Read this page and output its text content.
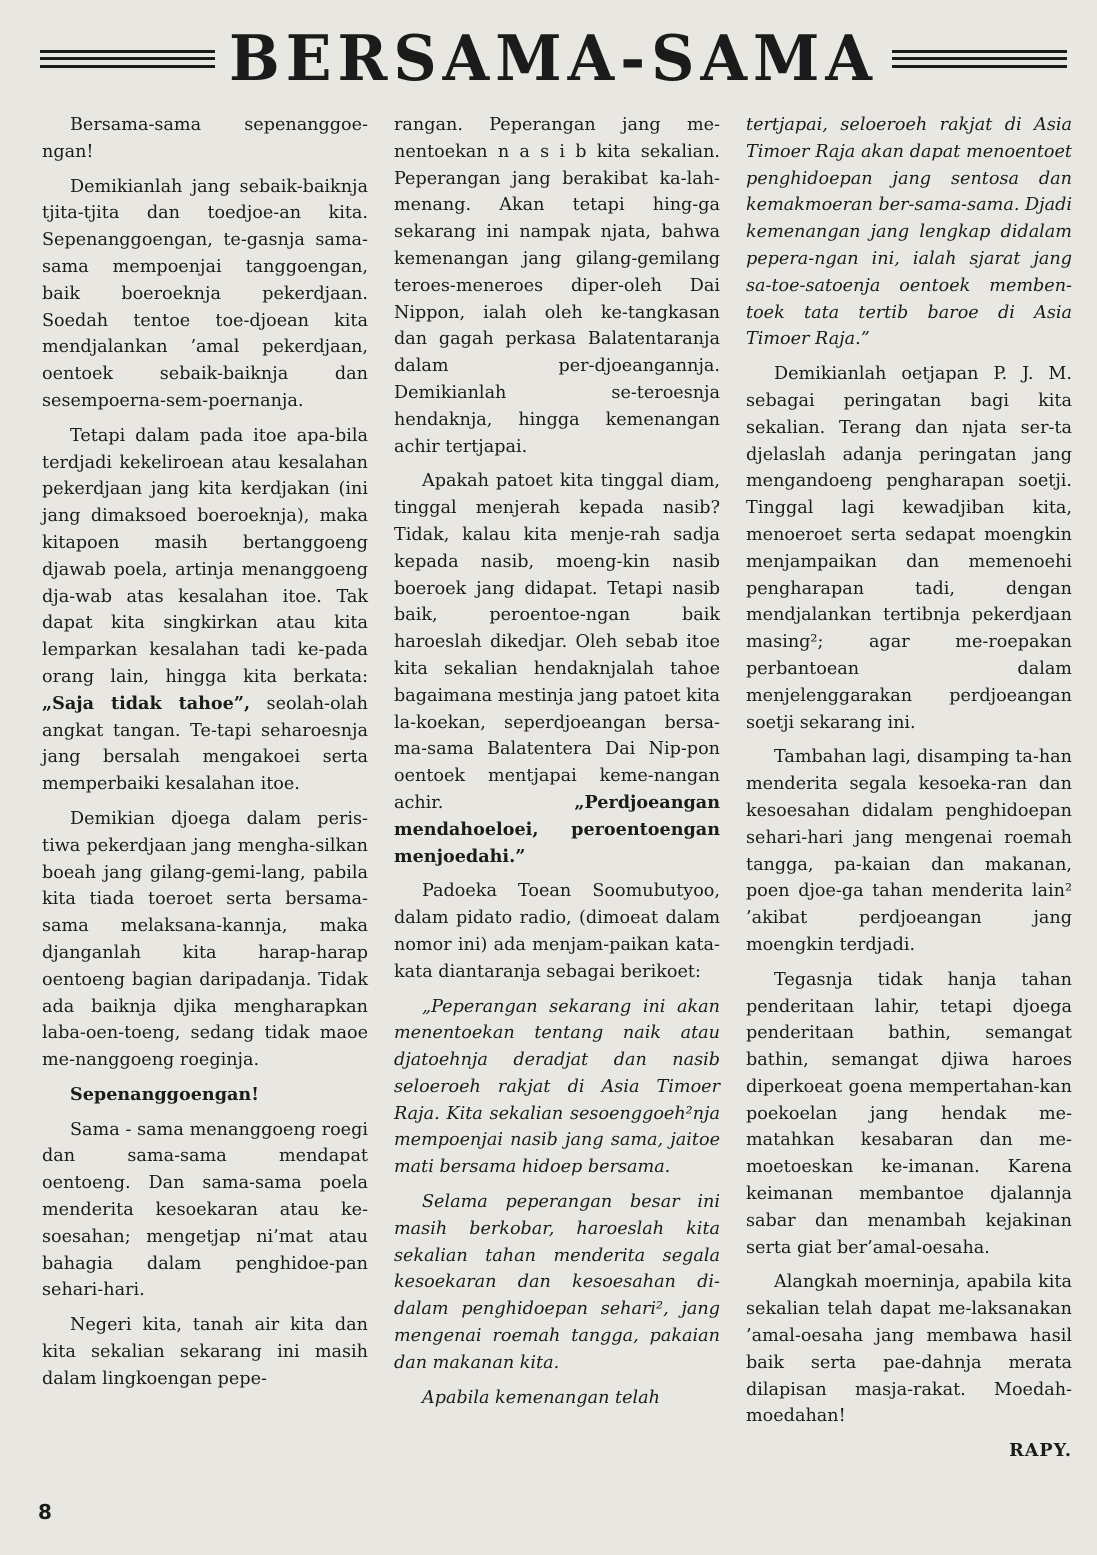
BERSAMA-SAMA

Bersama-sama sepenanggoe-ngan!

Demikianlah jang sebaik-baiknja tjita-tjita dan toedjoe-an kita. Sepenanggoengan, te-gasnja sama-sama mempoenjai tanggoengan, baik boeroeknja pekerdjaan. Soedah tentoe toe-djoean kita mendjalankan ’amal pekerdjaan, oentoek sebaik-baiknja dan sesempoerna-sem-poernanja.

Tetapi dalam pada itoe apa-bila terdjadi kekeliroean atau kesalahan pekerdjaan jang kita kerdjakan (ini jang dimaksoed boeroeknja), maka kitapoen masih bertanggoeng djawab poela, artinja menanggoeng dja-wab atas kesalahan itoe. Tak dapat kita singkirkan atau kita lemparkan kesalahan tadi ke-pada orang lain, hingga kita berkata: „Saja tidak tahoe”, seolah-olah angkat tangan. Te-tapi seharoesnja jang bersalah mengakoei serta memperbaiki kesalahan itoe.

Demikian djoega dalam peris-tiwa pekerdjaan jang mengha-silkan boeah jang gilang-gemi-lang, pabila kita tiada toeroet serta bersama-sama melaksana-kannja, maka djanganlah kita harap-harap oentoeng bagian daripadanja. Tidak ada baiknja djika mengharapkan laba-oen-toeng, sedang tidak maoe me-nanggoeng roeginja.

Sepenanggoengan!

Sama - sama menanggoeng roegi dan sama-sama mendapat oentoeng. Dan sama-sama poela menderita kesoekaran atau ke-soesahan; mengetjap ni’mat atau bahagia dalam penghidoe-pan sehari-hari.

Negeri kita, tanah air kita dan kita sekalian sekarang ini masih dalam lingkoengan pepe-

rangan. Peperangan jang me-nentoekan n a s i b kita sekalian. Peperangan jang berakibat ka-lah-menang. Akan tetapi hing-ga sekarang ini nampak njata, bahwa kemenangan jang gilang-gemilang teroes-meneroes diper-oleh Dai Nippon, ialah oleh ke-tangkasan dan gagah perkasa Balatentaranja dalam per-djoeangannja. Demikianlah se-teroesnja hendaknja, hingga kemenangan achir tertjapai.

Apakah patoet kita tinggal diam, tinggal menjerah kepada nasib? Tidak, kalau kita menje-rah sadja kepada nasib, moeng-kin nasib boeroek jang didapat. Tetapi nasib baik, peroentoe-ngan baik haroeslah dikedjar. Oleh sebab itoe kita sekalian hendaknjalah tahoe bagaimana mestinja jang patoet kita la-koekan, seperdjoeangan bersa-ma-sama Balatentera Dai Nip-pon oentoek mentjapai keme-nangan achir.	„Perdjoeangan mendahoeloei, peroentoengan menjoedahi.”

Padoeka Toean Soomubutyoo, dalam pidato radio, (dimoeat dalam nomor ini) ada menjam-paikan kata-kata diantaranja sebagai berikoet:

„Peperangan sekarang ini akan menentoekan tentang naik atau djatoehnja deradjat dan nasib seloeroeh rakjat di Asia Timoer Raja. Kita sekalian sesoenggoeh²nja mempoenjai nasib jang sama, jaitoe mati bersama hidoep bersama.

Selama peperangan besar ini masih berkobar, haroeslah kita sekalian tahan menderita segala kesoekaran dan kesoesahan di-dalam penghidoepan sehari², jang mengenai roemah tangga, pakaian dan makanan kita.

Apabila kemenangan telah

tertjapai, seloeroeh rakjat di Asia Timoer Raja akan dapat menoentoet penghidoepan jang sentosa dan kemakmoeran ber-sama-sama. Djadi kemenangan jang lengkap didalam pepera-ngan ini, ialah sjarat jang sa-toe-satoenja oentoek memben-toek tata tertib baroe di Asia Timoer Raja.”

Demikianlah oetjapan P. J. M. sebagai peringatan bagi kita sekalian. Terang dan njata ser-ta djelaslah adanja peringatan jang mengandoeng pengharapan soetji. Tinggal lagi kewadjiban kita, menoeroet serta sedapat moengkin menjampaikan dan memenoehi pengharapan tadi, dengan mendjalankan tertibnja pekerdjaan masing²; agar me-roepakan perbantoean dalam menjelenggarakan perdjoeangan soetji sekarang ini.

Tambahan lagi, disamping ta-han menderita segala kesoeka-ran dan kesoesahan didalam penghidoepan sehari-hari jang mengenai roemah tangga, pa-kaian dan makanan, poen djoe-ga tahan menderita lain² ’akibat perdjoeangan jang moengkin terdjadi.

Tegasnja tidak hanja tahan penderitaan lahir, tetapi djoega penderitaan bathin, semangat bathin, semangat djiwa haroes diperkoeat goena mempertahan-kan poekoelan jang hendak me-matahkan kesabaran dan me-moetoeskan ke-imanan. Karena keimanan membantoe djalannja sabar dan menambah kejakinan serta giat ber’amal-oesaha.

Alangkah moerninja, apabila kita sekalian telah dapat me-laksanakan ’amal-oesaha jang membawa hasil baik serta pae-dahnja merata dilapisan masja-rakat. Moedah-moedahan!

RAPY.
8
